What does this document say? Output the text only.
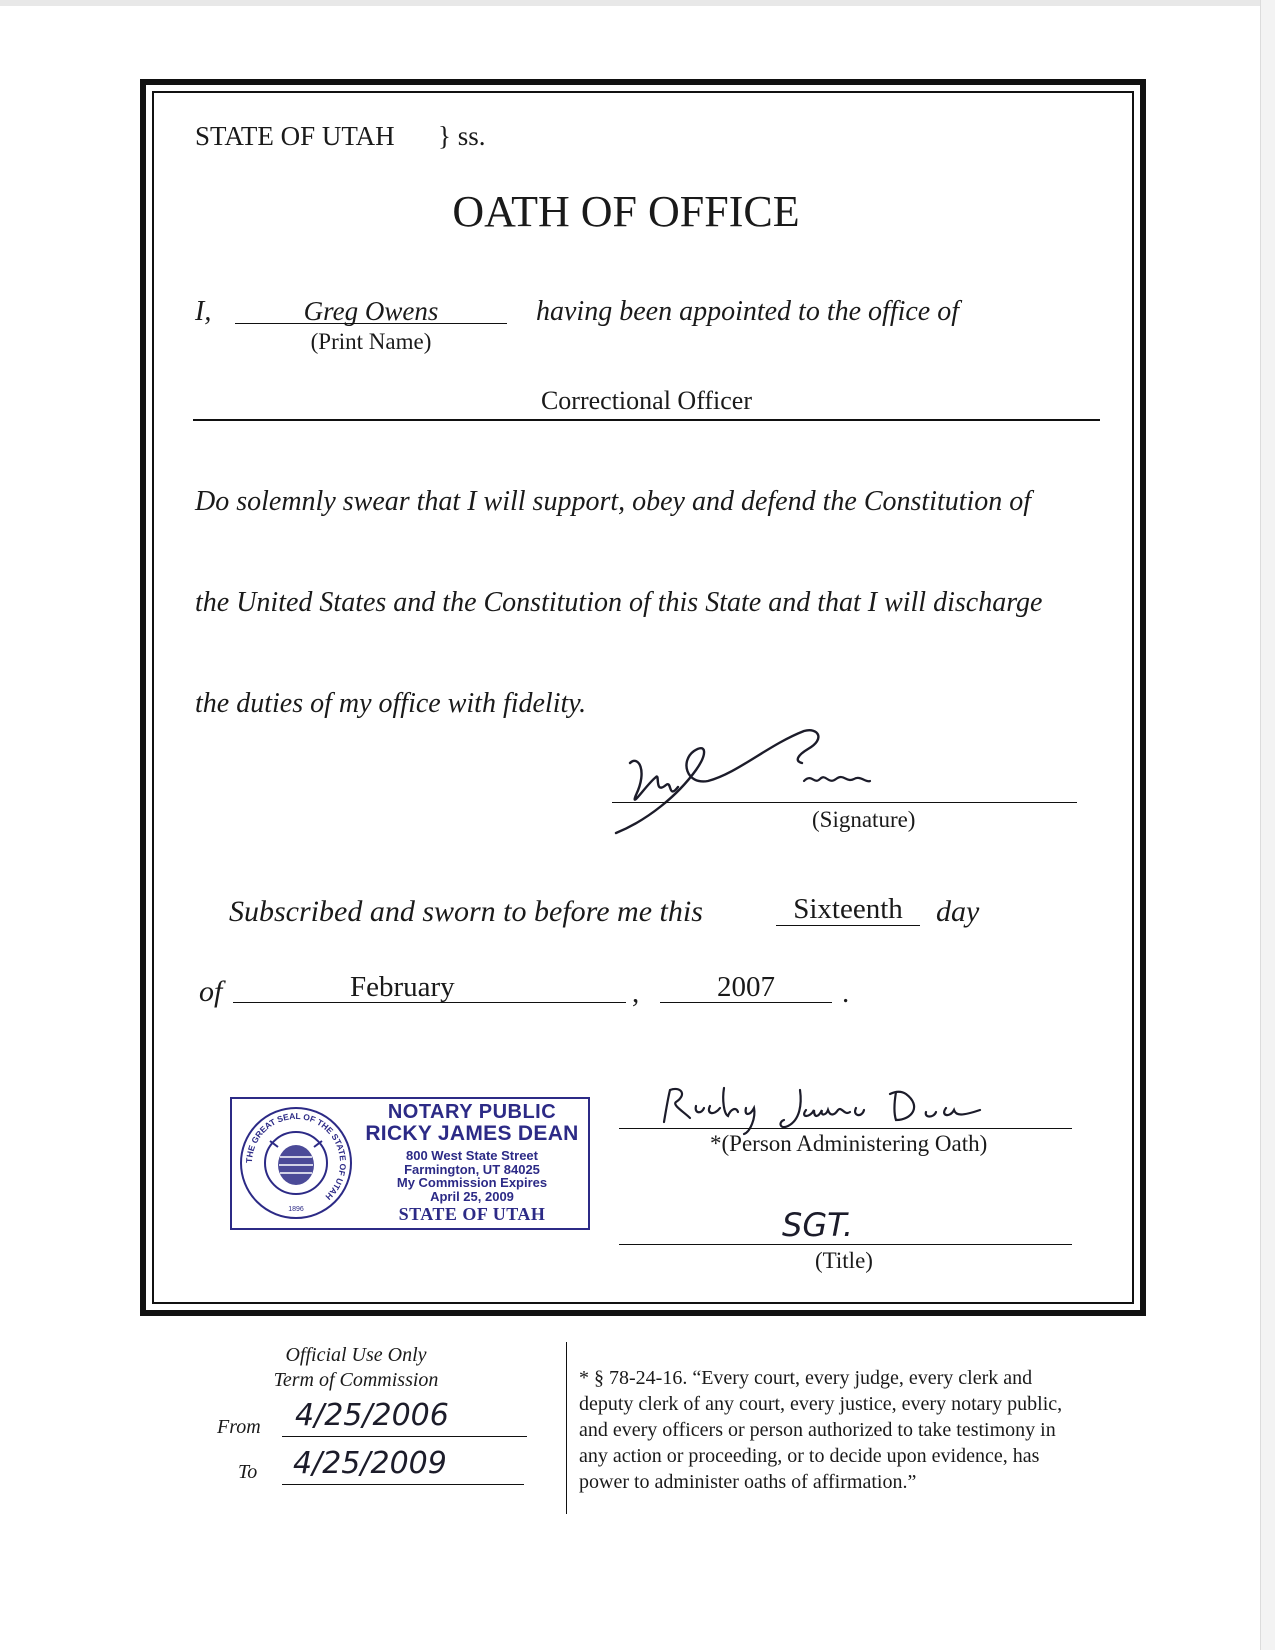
STATE OF UTAH } ss.
OATH OF OFFICE
I,	Greg Owens
(Print Name)
having been appointed to the office of
Correctional Officer
Do solemnly swear that I will support, obey and defend the Constitution of
the United States and the Constitution of this State and that I will discharge
the duties of my office with fidelity.
(Signature)
Subscribed and sworn to before me this	Sixteenth	day
of	February	,	2007	.
THE GREAT SEAL OF THE STATE OF UTAH
1896
NOTARY PUBLIC
RICKY JAMES DEAN
800 West State Street
Farmington, UT 84025
My Commission Expires
April 25, 2009
STATE OF UTAH
*(Person Administering Oath)
SGT.
(Title)
Official Use Only
Term of Commission
From 4/25/2006
To 4/25/2009
* § 78-24-16. “Every court, every judge, every clerk and
deputy clerk of any court, every justice, every notary public,
and every officers or person authorized to take testimony in
any action or proceeding, or to decide upon evidence, has
power to administer oaths of affirmation.”
